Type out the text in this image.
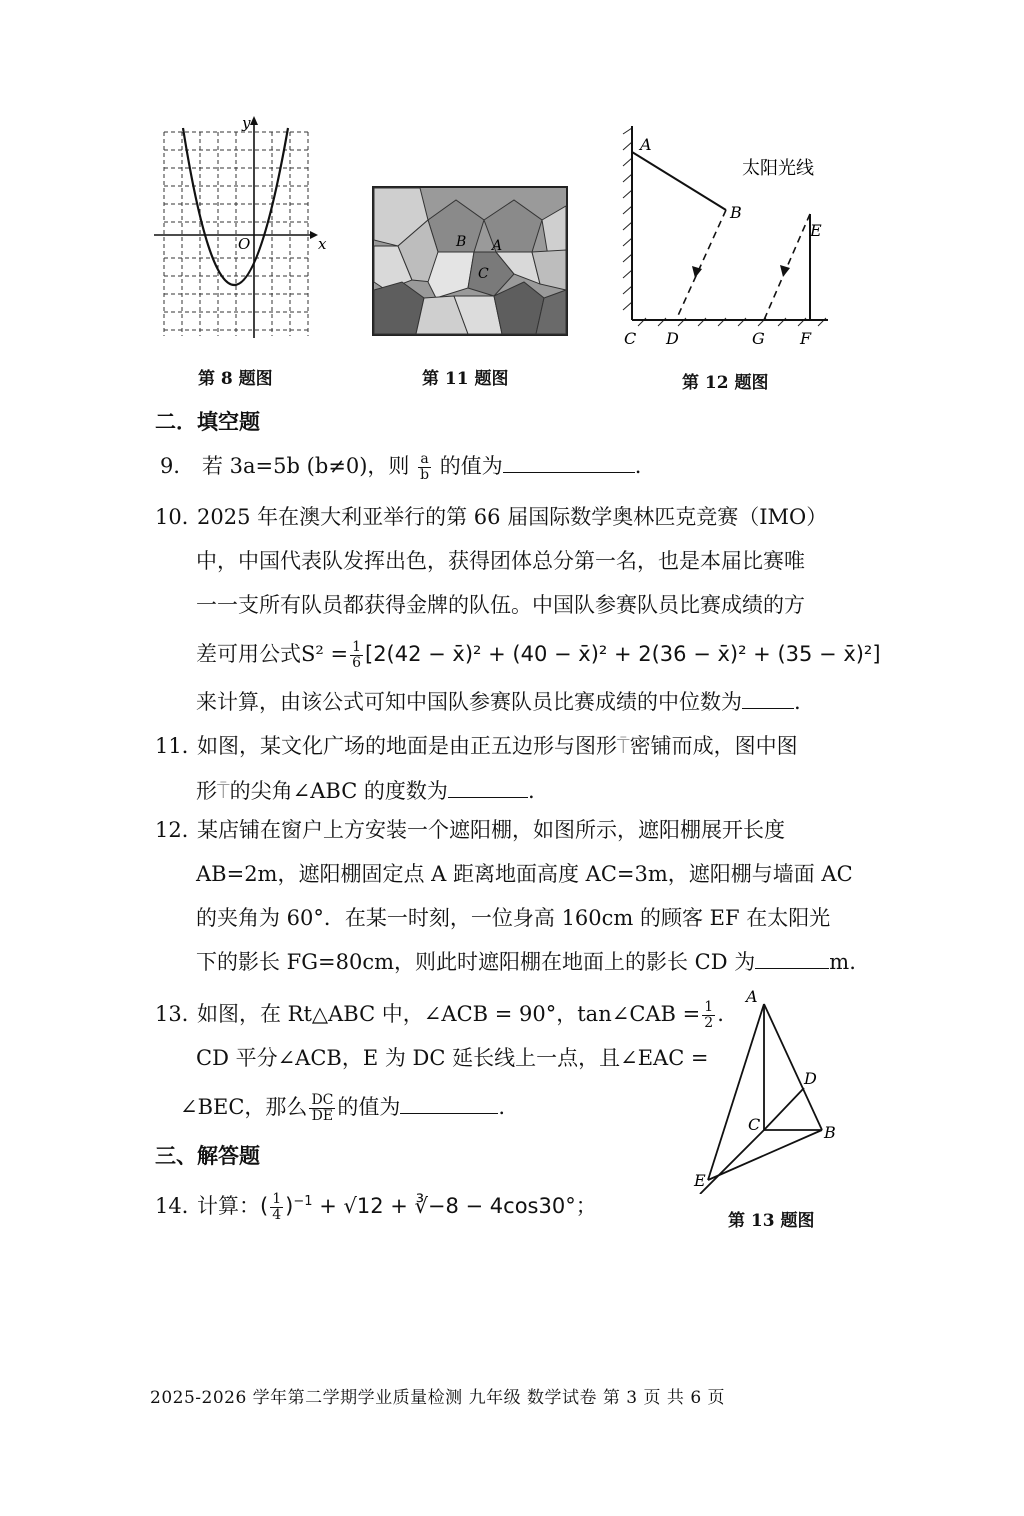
y
x
O
第 8 题图
B A
C
第 11 题图
A
B
E
C D	G F
太阳光线
第 12 题图
二．填空题
9． 若 3a=5b (b≠0)，则 $\frac{a}{b}$ 的值为	.
10．2025 年在澳大利亚举行的第 66 届国际数学奥林匹克竞赛（IMO）
中，中国代表队发挥出色，获得团体总分第一名，也是本届比赛唯
一一支所有队员都获得金牌的队伍。中国队参赛队员比赛成绩的方
差可用公式$S^2 = \frac{1}{6} [2(42$ − x̄)² + (40 − x̄)² + 2(36 − x̄)² + (35 − x̄)²]
来计算，由该公式可知中国队参赛队员比赛成绩的中位数为 .
11．如图，某文化广场的地面是由正五边形与图形⍑密铺而成，图中图
形⍑的尖角∠ABC 的度数为	.
12．某店铺在窗户上方安装一个遮阳棚，如图所示，遮阳棚展开长度
AB=2m，遮阳棚固定点 A 距离地面高度 AC=3m，遮阳棚与墙面 AC
的夹角为 60°．在某一时刻，一位身高 160cm 的顾客 EF 在太阳光
下的影长 FG=80cm，则此时遮阳棚在地面上的影长 CD 为	m.
13．如图，在 Rt△ABC 中，∠ACB = 90°，tan∠CAB = $\frac{1}{2}$ .
CD 平分∠ACB，E 为 DC 延长线上一点，且∠EAC =
∠BEC，那么 $\frac{DC}{DE}$ 的值为	.
A
D
C	B
E
第 13 题图
三、解答题
14．计算：( $\frac{1}{4} )^{-1} + √12$ + ∛−8 − 4cos30°；
2025-2026 学年第二学期学业质量检测 九年级 数学试卷 第 3 页 共 6 页
